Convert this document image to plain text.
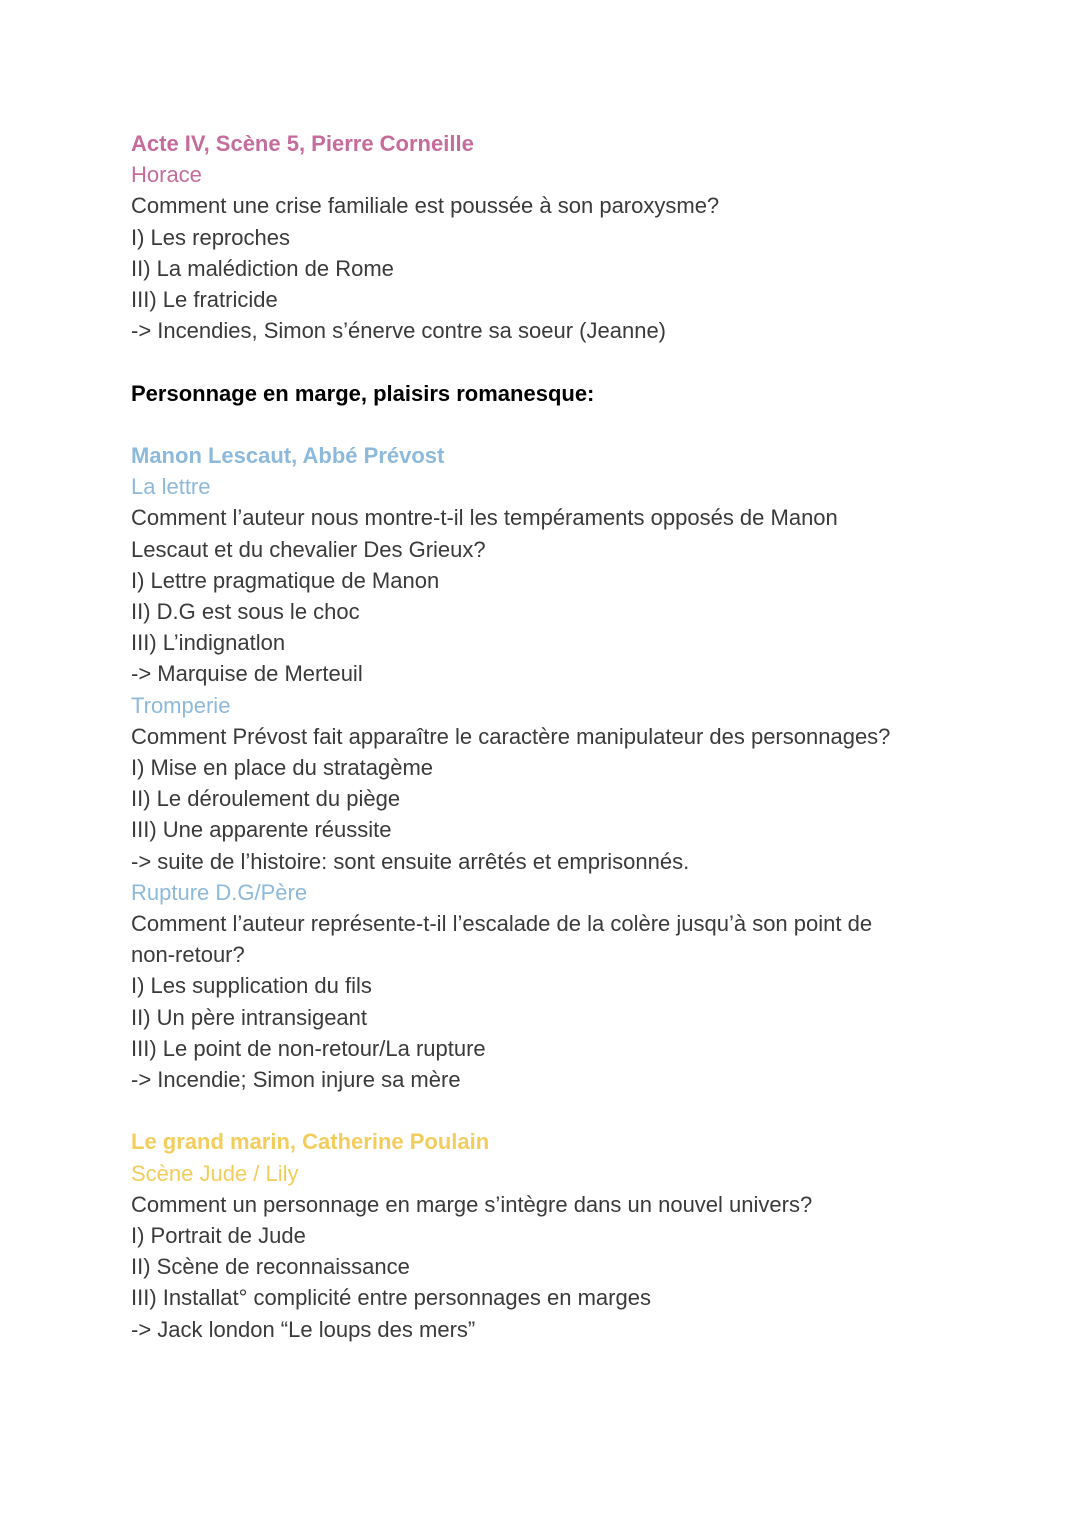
Acte IV, Scène 5, Pierre Corneille

Horace

Comment une crise familiale est poussée à son paroxysme?

I) Les reproches

II) La malédiction de Rome

III) Le fratricide

-> Incendies, Simon s’énerve contre sa soeur (Jeanne)

Personnage en marge, plaisirs romanesque:

Manon Lescaut, Abbé Prévost

La lettre

Comment l’auteur nous montre-t-il les tempéraments opposés de Manon

Lescaut et du chevalier Des Grieux?

I) Lettre pragmatique de Manon

II) D.G est sous le choc

III) L’indignatlon

-> Marquise de Merteuil

Tromperie

Comment Prévost fait apparaître le caractère manipulateur des personnages?

I) Mise en place du stratagème

II) Le déroulement du piège

III) Une apparente réussite

-> suite de l’histoire: sont ensuite arrêtés et emprisonnés.

Rupture D.G/Père

Comment l’auteur représente-t-il l’escalade de la colère jusqu’à son point de

non-retour?

I) Les supplication du fils

II) Un père intransigeant

III) Le point de non-retour/La rupture

-> Incendie; Simon injure sa mère

Le grand marin, Catherine Poulain

Scène Jude / Lily

Comment un personnage en marge s’intègre dans un nouvel univers?

I) Portrait de Jude

II) Scène de reconnaissance

III) Installat° complicité entre personnages en marges

-> Jack london “Le loups des mers”
